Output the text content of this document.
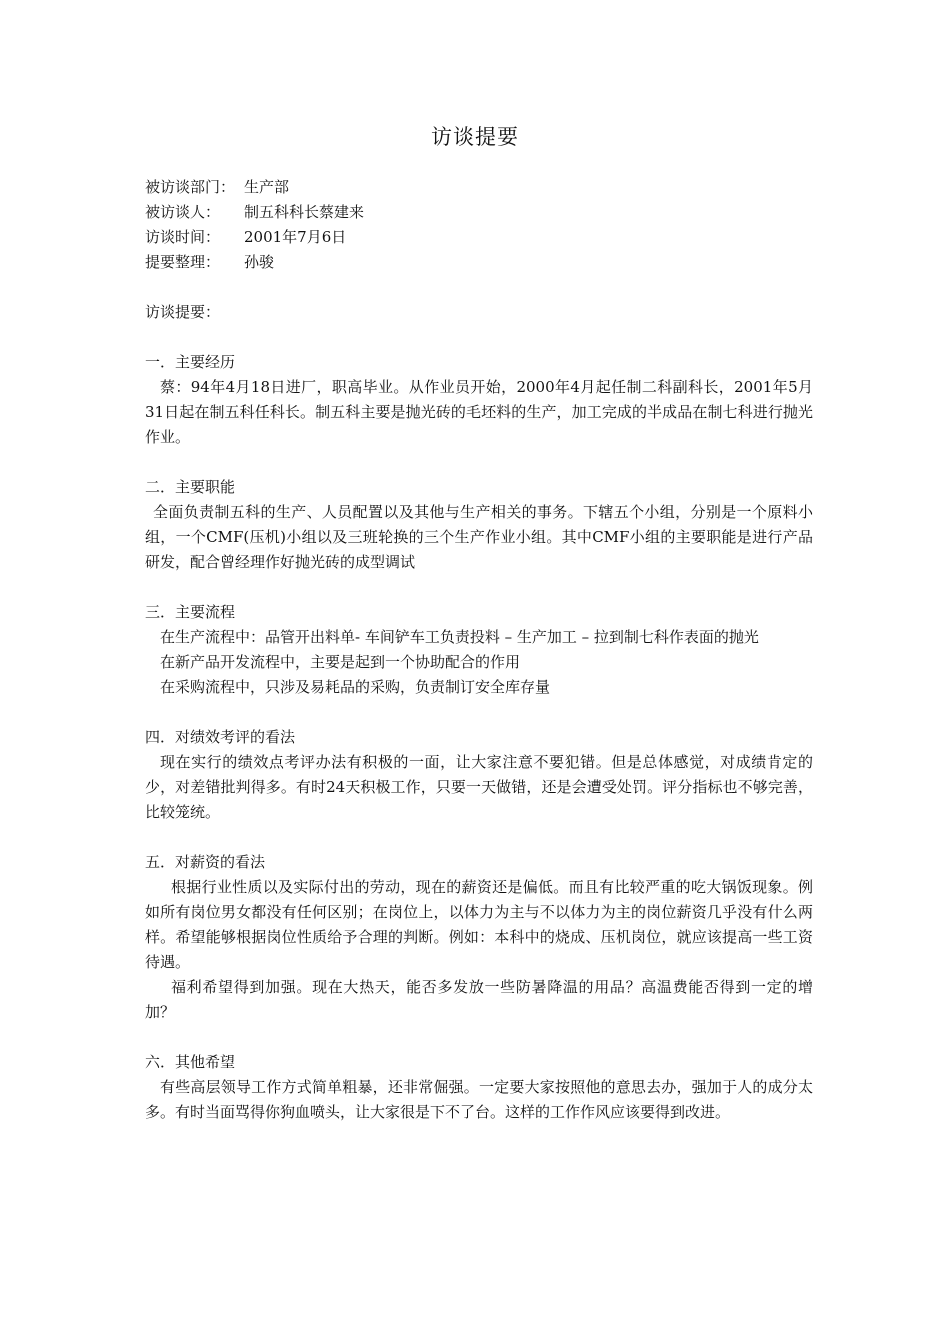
访谈提要
被访谈部门： 生产部
被访谈人：	制五科科长蔡建来
访谈时间：	2001年7月6日
提要整理：	孙骏
访谈提要：
一．主要经历

蔡：94年4月18日进厂，职高毕业。从作业员开始，2000年4月起任制二科副科长，2001年5月31日起在制五科任科长。制五科主要是抛光砖的毛坯料的生产，加工完成的半成品在制七科进行抛光作业。

二．主要职能

全面负责制五科的生产、人员配置以及其他与生产相关的事务。下辖五个小组，分别是一个原料小组，一个CMF(压机)小组以及三班轮换的三个生产作业小组。其中CMF小组的主要职能是进行产品研发，配合曾经理作好抛光砖的成型调试

三．主要流程

在生产流程中：品管开出料单- 车间铲车工负责投料 – 生产加工 – 拉到制七科作表面的抛光

在新产品开发流程中，主要是起到一个协助配合的作用

在采购流程中，只涉及易耗品的采购，负责制订安全库存量

四．对绩效考评的看法

现在实行的绩效点考评办法有积极的一面，让大家注意不要犯错。但是总体感觉，对成绩肯定的少，对差错批判得多。有时24天积极工作，只要一天做错，还是会遭受处罚。评分指标也不够完善，比较笼统。

五．对薪资的看法

根据行业性质以及实际付出的劳动，现在的薪资还是偏低。而且有比较严重的吃大锅饭现象。例如所有岗位男女都没有任何区别；在岗位上，以体力为主与不以体力为主的岗位薪资几乎没有什么两样。希望能够根据岗位性质给予合理的判断。例如：本科中的烧成、压机岗位，就应该提高一些工资待遇。

福利希望得到加强。现在大热天，能否多发放一些防暑降温的用品？高温费能否得到一定的增加？

六．其他希望

有些高层领导工作方式简单粗暴，还非常倔强。一定要大家按照他的意思去办，强加于人的成分太多。有时当面骂得你狗血喷头，让大家很是下不了台。这样的工作作风应该要得到改进。
